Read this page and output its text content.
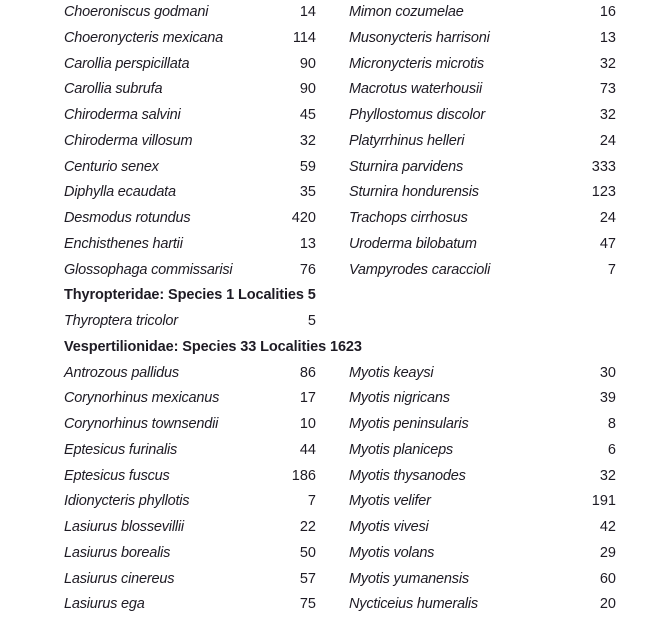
Choeroniscus godmani	14 Mimon cozumelae	16
Choeronycteris mexicana	114 Musonycteris harrisoni	13
Carollia perspicillata	90 Micronycteris microtis	32
Carollia subrufa	90 Macrotus waterhousii	73
Chiroderma salvini	45 Phyllostomus discolor	32
Chiroderma villosum	32 Platyrrhinus helleri	24
Centurio senex	59 Sturnira parvidens	333
Diphylla ecaudata	35 Sturnira hondurensis	123
Desmodus rotundus	420 Trachops cirrhosus	24
Enchisthenes hartii	13 Uroderma bilobatum	47
Glossophaga commissarisi	76 Vampyrodes caraccioli	7
Thyropteridae: Species 1 Localities 5
Thyroptera tricolor	5
Vespertilionidae: Species 33 Localities 1623
Antrozous pallidus	86 Myotis keaysi	30
Corynorhinus mexicanus	17 Myotis nigricans	39
Corynorhinus townsendii	10 Myotis peninsularis	8
Eptesicus furinalis	44 Myotis planiceps	6
Eptesicus fuscus	186 Myotis thysanodes	32
Idionycteris phyllotis	7 Myotis velifer	191
Lasiurus blossevillii	22 Myotis vivesi	42
Lasiurus borealis	50 Myotis volans	29
Lasiurus cinereus	57 Myotis yumanensis	60
Lasiurus ega	75 Nycticeius humeralis	20
